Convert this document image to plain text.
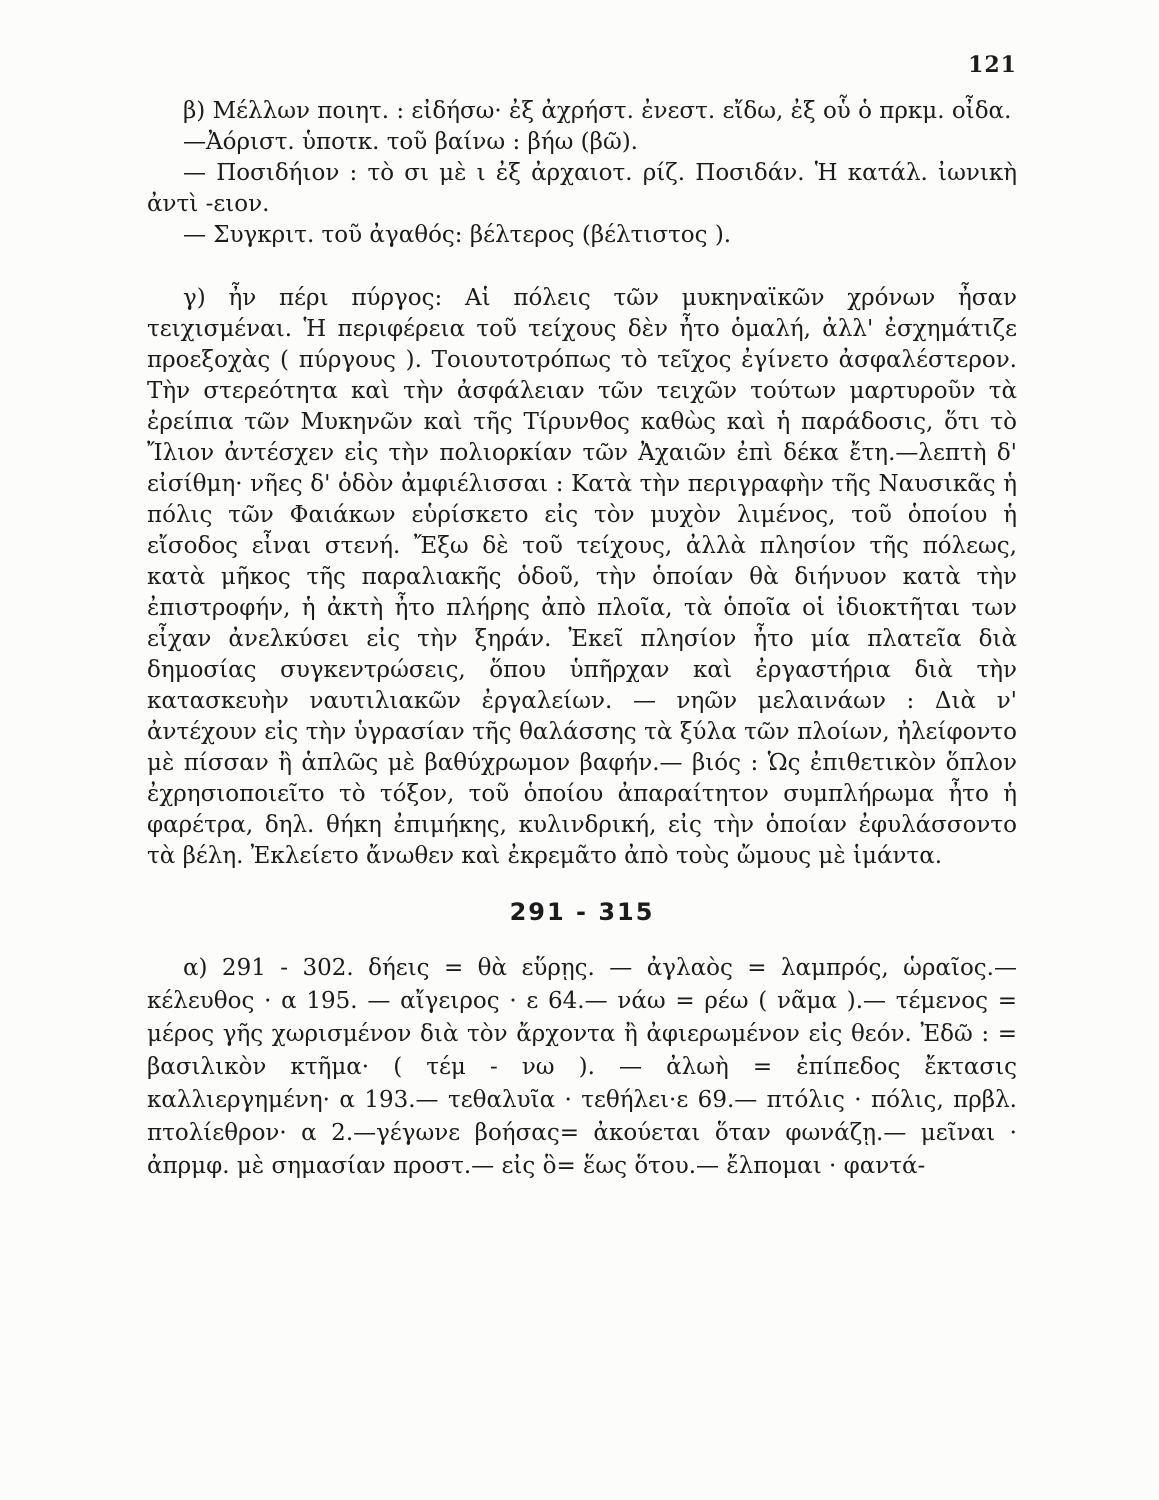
121

β) Μέλλων ποιητ. : εἰδήσω· ἐξ ἀχρήστ. ἐνεστ. εἴδω, ἐξ οὗ ὁ πρκμ. οἶδα.

—Ἀόριστ. ὑποτκ. τοῦ βαίνω : βήω (βῶ).

— Ποσιδήιον : τὸ σι μὲ ι ἐξ ἀρχαιοτ. ρίζ. Ποσιδάν. Ἡ κατάλ. ἰωνικὴ ἀντὶ -ειον.

— Συγκριτ. τοῦ ἀγαθός: βέλτερος (βέλτιστος ).

γ) ἦν πέρι πύργος: Αἱ πόλεις τῶν μυκηναϊκῶν χρόνων ἦσαν τειχισμέναι. Ἡ περιφέρεια τοῦ τείχους δὲν ἦτο ὁμαλή, ἀλλ' ἐσχημάτιζε προεξοχὰς ( πύργους ). Τοιουτοτρόπως τὸ τεῖχος ἐγίνετο ἀσφαλέστερον. Τὴν στερεότητα καὶ τὴν ἀσφάλειαν τῶν τειχῶν τούτων μαρτυροῦν τὰ ἐρείπια τῶν Μυκηνῶν καὶ τῆς Τίρυνθος καθὼς καὶ ἡ παράδοσις, ὅτι τὸ Ἴλιον ἀντέσχεν εἰς τὴν πολιορκίαν τῶν Ἀχαιῶν ἐπὶ δέκα ἔτη.—λεπτὴ δ' εἰσίθμη· νῆες δ' ὁδὸν ἀμφιέλισσαι : Κατὰ τὴν περιγραφὴν τῆς Ναυσικᾶς ἡ πόλις τῶν Φαιάκων εὑρίσκετο εἰς τὸν μυχὸν λιμένος, τοῦ ὁποίου ἡ εἴσοδος εἶναι στενή. Ἔξω δὲ τοῦ τείχους, ἀλλὰ πλησίον τῆς πόλεως, κατὰ μῆκος τῆς παραλιακῆς ὁδοῦ, τὴν ὁποίαν θὰ διήνυον κατὰ τὴν ἐπιστροφήν, ἡ ἀκτὴ ἦτο πλήρης ἀπὸ πλοῖα, τὰ ὁποῖα οἱ ἰδιοκτῆται των εἶχαν ἀνελκύσει εἰς τὴν ξηράν. Ἐκεῖ πλησίον ἦτο μία πλατεῖα διὰ δημοσίας συγκεντρώσεις, ὅπου ὑπῆρχαν καὶ ἐργαστήρια διὰ τὴν κατασκευὴν ναυτιλιακῶν ἐργαλείων. — νηῶν μελαινάων : Διὰ ν' ἀντέχουν εἰς τὴν ὑγρασίαν τῆς θαλάσσης τὰ ξύλα τῶν πλοίων, ἠλείφοντο μὲ πίσσαν ἢ ἁπλῶς μὲ βαθύχρωμον βαφήν.— βιός : Ὡς ἐπιθετικὸν ὅπλον ἐχρησιοποιεῖτο τὸ τόξον, τοῦ ὁποίου ἀπαραίτητον συμπλήρωμα ἦτο ἡ φαρέτρα, δηλ. θήκη ἐπιμήκης, κυλινδρική, εἰς τὴν ὁποίαν ἐφυλάσσοντο τὰ βέλη. Ἐκλείετο ἄνωθεν καὶ ἐκρεμᾶτο ἀπὸ τοὺς ὤμους μὲ ἱμάντα.

291 - 315

α) 291 - 302. δήεις = θὰ εὕρῃς. — ἀγλαὸς = λαμπρός, ὡραῖος.— κέλευθος · α 195. — αἴγειρος · ε 64.— νάω = ρέω ( νᾶμα ).— τέμενος = μέρος γῆς χωρισμένον διὰ τὸν ἄρχοντα ἢ ἀφιερωμένον εἰς θεόν. Ἐδῶ : = βασιλικὸν κτῆμα· ( τέμ - νω ). — ἀλωὴ = ἐπίπεδος ἔκτασις καλλιεργημένη· α 193.— τεθαλυῖα · τεθήλει·ε 69.— πτόλις · πόλις, πρβλ. πτολίεθρον· α 2.—γέγωνε βοήσας= ἀκούεται ὅταν φωνάζῃ.— μεῖναι · ἀπρμφ. μὲ σημασίαν προστ.— εἰς ὃ= ἕως ὅτου.— ἔλπομαι · φαντά-
